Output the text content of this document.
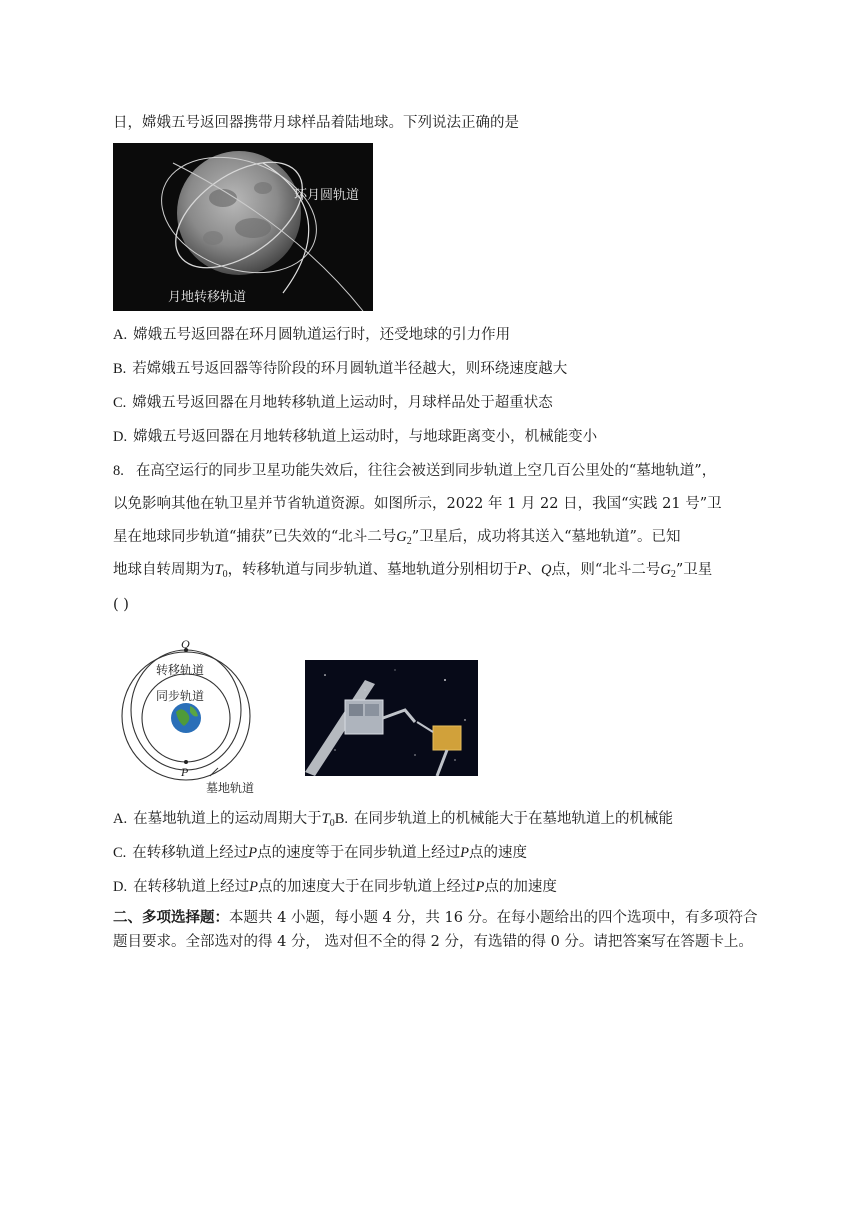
日，嫦娥五号返回器携带月球样品着陆地球。下列说法正确的是
环月圆轨道
月地转移轨道
A. 嫦娥五号返回器在环月圆轨道运行时，还受地球的引力作用
B. 若嫦娥五号返回器等待阶段的环月圆轨道半径越大，则环绕速度越大
C. 嫦娥五号返回器在月地转移轨道上运动时，月球样品处于超重状态
D. 嫦娥五号返回器在月地转移轨道上运动时，与地球距离变小，机械能变小
8. 在高空运行的同步卫星功能失效后，往往会被送到同步轨道上空几百公里处的“墓地轨道”，
以免影响其他在轨卫星并节省轨道资源。如图所示，2022 年 1 月 22 日，我国“实践 21 号”卫
星在地球同步轨道“捕获”已失效的“北斗二号$G_2$”卫星后，成功将其送入“墓地轨道”。已知
地球自转周期为$T_0$，转移轨道与同步轨道、墓地轨道分别相切于P、Q点，则“北斗二号$G_2$”卫星
( )
Q
P
转移轨道
同步轨道
墓地轨道
A. 在墓地轨道上的运动周期大于$T_0B$. 在同步轨道上的机械能大于在墓地轨道上的机械能
C. 在转移轨道上经过P点的速度等于在同步轨道上经过P点的速度
D. 在转移轨道上经过P点的加速度大于在同步轨道上经过P点的加速度
二、多项选择题：本题共 4 小题，每小题 4 分，共 16 分。在每小题给出的四个选项中，有多项符合题目要求。全部选对的得 4 分， 选对但不全的得 2 分，有选错的得 0 分。请把答案写在答题卡上。
